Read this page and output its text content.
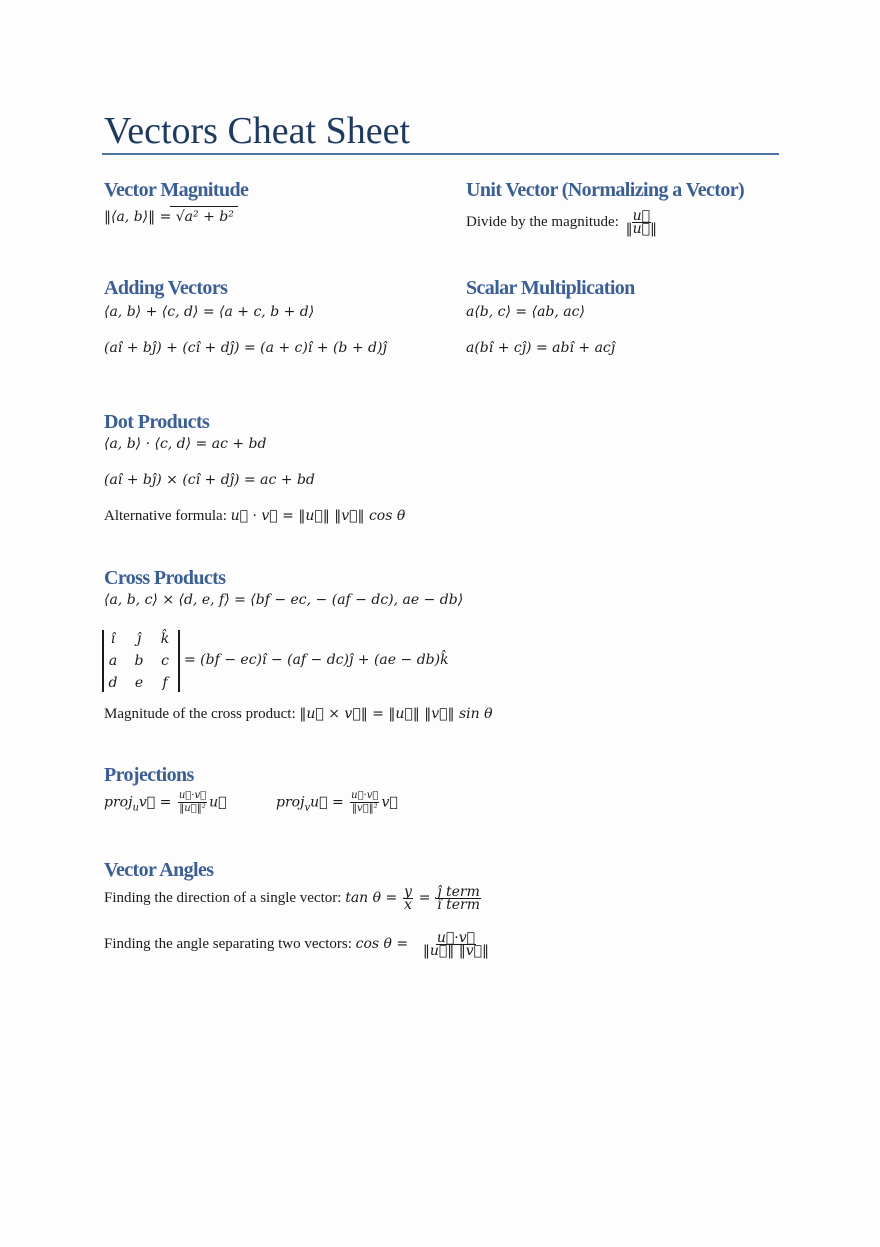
Vectors Cheat Sheet
Vector Magnitude
‖⟨a, b⟩‖ = √a² + b²
Unit Vector (Normalizing a Vector)
Divide by the magnitude: $\frac{u⃗}{‖u⃗‖}$
Adding Vectors
⟨a, b⟩ + ⟨c, d⟩ = ⟨a + c, b + d⟩
(aı̂ + bȷ̂) + (cı̂ + dȷ̂) = (a + c)ı̂ + (b + d)ȷ̂
Scalar Multiplication
a⟨b, c⟩ = ⟨ab, ac⟩
a(bı̂ + cȷ̂) = abı̂ + acȷ̂
Dot Products
⟨a, b⟩ · ⟨c, d⟩ = ac + bd
(aı̂ + bȷ̂) × (cı̂ + dȷ̂) = ac + bd
Alternative formula: u⃗ · v⃗ = ‖u⃗‖ ‖v⃗‖ cos θ
Cross Products
⟨a, b, c⟩ × ⟨d, e, f⟩ = ⟨bf − ec, − (af − dc), ae − db⟩
ı̂ ȷ̂ k̂
a b c
d e f
= (bf − ec)ı̂ − (af − dc)ȷ̂ + (ae − db)k̂
Magnitude of the cross product: ‖u⃗ × v⃗‖ = ‖u⃗‖ ‖v⃗‖ sin θ
Projections
proj$_u$v⃗ = $\frac{u⃗\cdot v⃗}{\text{‖u⃗‖²}}$ u⃗	proj$_v$u⃗ = $\frac{u⃗\cdot v⃗}{\text{‖v⃗‖²}}$ v⃗
Vector Angles
Finding the direction of a single vector: $\tan \theta = \frac{y}{x} = \frac{\text{ȷ̂ term}}{\text{ı̂ term}}$
Finding the angle separating two vectors: $\cos \theta = \frac{u⃗\cdot v⃗}{‖u⃗‖ ‖v⃗‖}$
